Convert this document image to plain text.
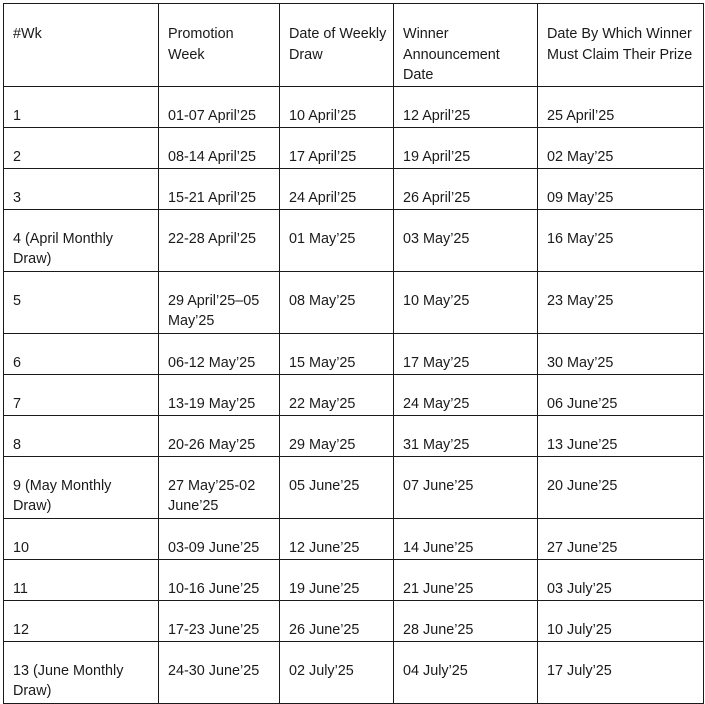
#Wk	Promotion Week	Date of Weekly Draw	Winner Announcement Date	Date By Which Winner Must Claim Their Prize
1	01-07 April’25	10 April’25	12 April’25	25 April’25
2	08-14 April’25	17 April’25	19 April’25	02 May’25
3	15-21 April’25	24 April’25	26 April’25	09 May’25
4 (April Monthly Draw)	22-28 April’25	01 May’25	03 May’25	16 May’25
5	29 April’25–05 May’25	08 May’25	10 May’25	23 May’25
6	06-12 May’25	15 May’25	17 May’25	30 May’25
7	13-19 May’25	22 May’25	24 May’25	06 June’25
8	20-26 May’25	29 May’25	31 May’25	13 June’25
9 (May Monthly Draw)	27 May’25-02 June’25	05 June’25	07 June’25	20 June’25
10	03-09 June’25	12 June’25	14 June’25	27 June’25
11	10-16 June’25	19 June’25	21 June’25	03 July’25
12	17-23 June’25	26 June’25	28 June’25	10 July’25
13 (June Monthly Draw)	24-30 June’25	02 July’25	04 July’25	17 July’25
